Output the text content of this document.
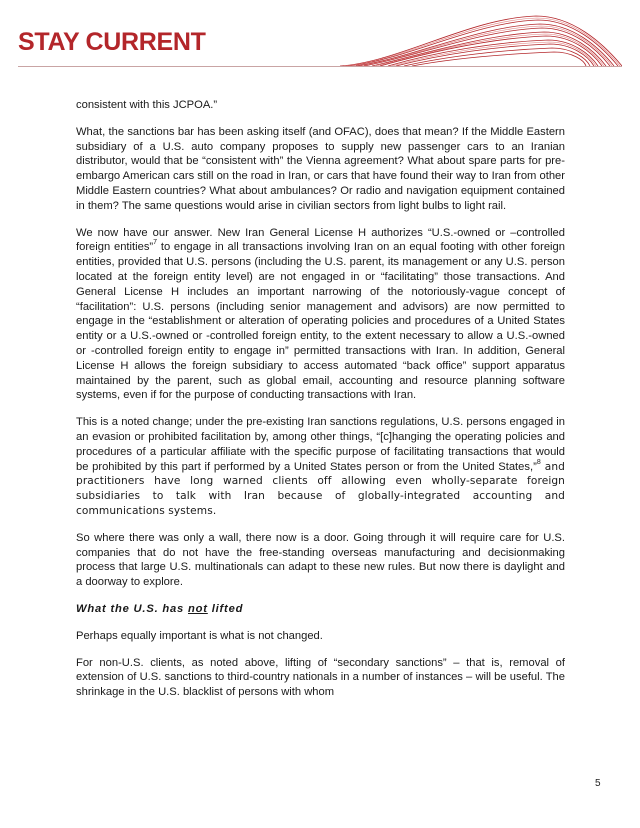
STAY CURRENT

consistent with this JCPOA.”

What, the sanctions bar has been asking itself (and OFAC), does that mean? If the Middle Eastern subsidiary of a U.S. auto company proposes to supply new passenger cars to an Iranian distributor, would that be “consistent with” the Vienna agreement? What about spare parts for pre-embargo American cars still on the road in Iran, or cars that have found their way to Iran from other Middle Eastern countries? What about ambulances? Or radio and navigation equipment contained in them? The same questions would arise in civilian sectors from light bulbs to light rail.

We now have our answer. New Iran General License H authorizes “U.S.-owned or –controlled foreign entities”$^7$ to engage in all transactions involving Iran on an equal footing with other foreign entities, provided that U.S. persons (including the U.S. parent, its management or any U.S. person located at the foreign entity level) are not engaged in or “facilitating” those transactions. And General License H includes an important narrowing of the notoriously-vague concept of “facilitation”: U.S. persons (including senior management and advisors) are now permitted to engage in the “establishment or alteration of operating policies and procedures of a United States entity or a U.S.-owned or -controlled foreign entity, to the extent necessary to allow a U.S.-owned or -controlled foreign entity to engage in” permitted transactions with Iran. In addition, General License H allows the foreign subsidiary to access automated “back office” support apparatus maintained by the parent, such as global email, accounting and resource planning software systems, even if for the purpose of conducting transactions with Iran.

This is a noted change; under the pre-existing Iran sanctions regulations, U.S. persons engaged in an evasion or prohibited facilitation by, among other things, “[c]hanging the operating policies and procedures of a particular affiliate with the specific purpose of facilitating transactions that would be prohibited by this part if performed by a United States person or from the United States,”$^8$ and practitioners have long warned clients off allowing even wholly-separate foreign subsidiaries to talk with Iran because of globally-integrated accounting and communications systems.

So where there was only a wall, there now is a door. Going through it will require care for U.S. companies that do not have the free-standing overseas manufacturing and decisionmaking process that large U.S. multinationals can adapt to these new rules. But now there is daylight and a doorway to explore.

What the U.S. has not lifted

Perhaps equally important is what is not changed.

For non-U.S. clients, as noted above, lifting of “secondary sanctions” – that is, removal of extension of U.S. sanctions to third-country nationals in a number of instances – will be useful. The shrinkage in the U.S. blacklist of persons with whom

5
